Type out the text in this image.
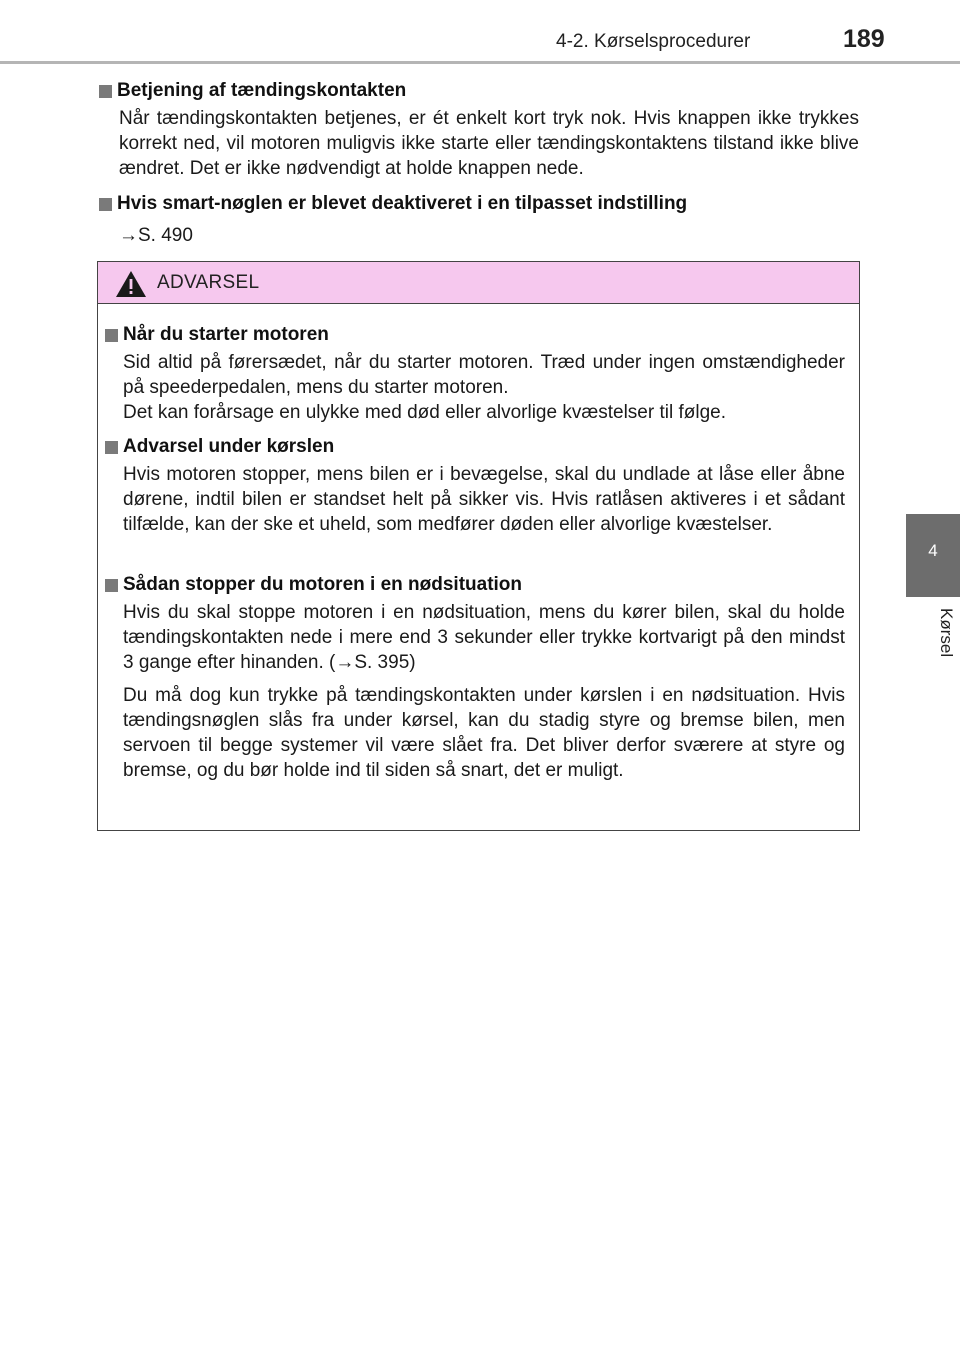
4-2. Kørselsprocedurer	189
4
Kørsel
Betjening af tændingskontakten
Når tændingskontakten betjenes, er ét enkelt kort tryk nok. Hvis knappen ikke trykkes korrekt ned, vil motoren muligvis ikke starte eller tændingskontaktens tilstand ikke blive ændret. Det er ikke nødvendigt at holde knappen nede.
Hvis smart-nøglen er blevet deaktiveret i en tilpasset indstilling
→S. 490
ADVARSEL
Når du starter motoren
Sid altid på førersædet, når du starter motoren. Træd under ingen omstændigheder på speederpedalen, mens du starter motoren.
Det kan forårsage en ulykke med død eller alvorlige kvæstelser til følge.
Advarsel under kørslen
Hvis motoren stopper, mens bilen er i bevægelse, skal du undlade at låse eller åbne dørene, indtil bilen er standset helt på sikker vis. Hvis ratlåsen aktiveres i et sådant tilfælde, kan der ske et uheld, som medfører døden eller alvorlige kvæstelser.
Sådan stopper du motoren i en nødsituation
Hvis du skal stoppe motoren i en nødsituation, mens du kører bilen, skal du holde tændingskontakten nede i mere end 3 sekunder eller trykke kortvarigt på den mindst 3 gange efter hinanden. (→S. 395)
Du må dog kun trykke på tændingskontakten under kørslen i en nødsituation. Hvis tændingsnøglen slås fra under kørsel, kan du stadig styre og bremse bilen, men servoen til begge systemer vil være slået fra. Det bliver derfor sværere at styre og bremse, og du bør holde ind til siden så snart, det er muligt.
